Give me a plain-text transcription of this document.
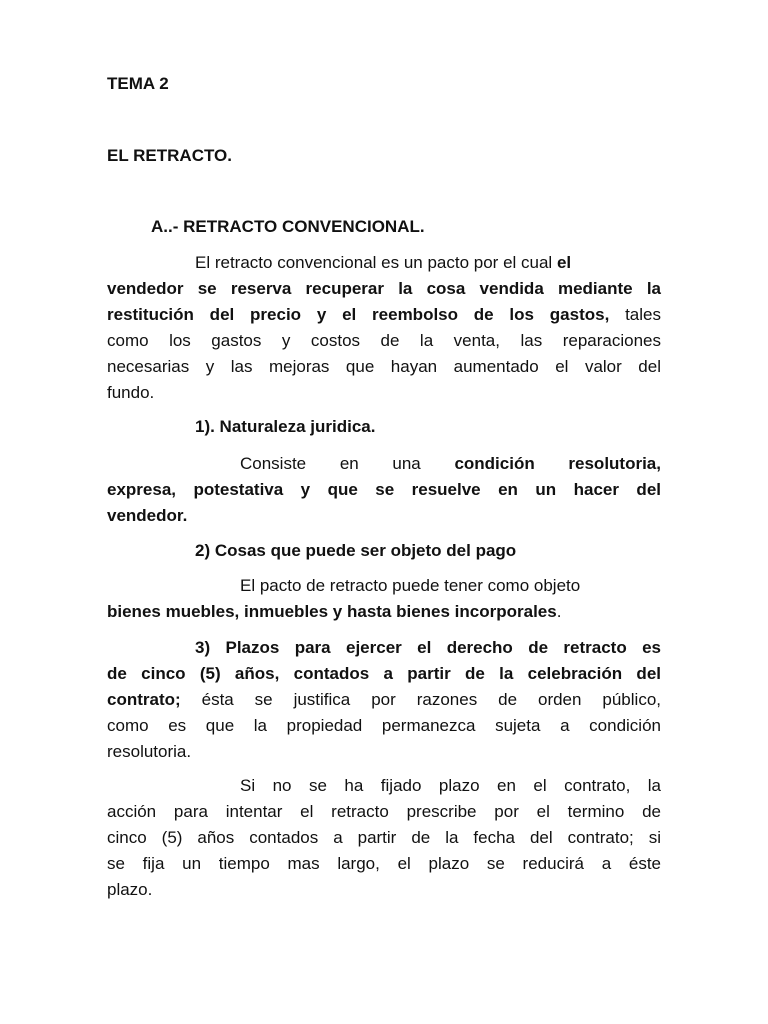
TEMA 2
EL RETRACTO.
A..- RETRACTO CONVENCIONAL.
El retracto convencional es un pacto por el cual el
vendedor se reserva recuperar la cosa vendida mediante la
restitución del precio y el reembolso de los gastos, tales
como los gastos y costos de la venta, las reparaciones
necesarias y las mejoras que hayan aumentado el valor del
fundo.
1). Naturaleza juridica.
Consiste en una condición resolutoria,
expresa, potestativa y que se resuelve en un hacer del
vendedor.
2) Cosas que puede ser objeto del pago
El pacto de retracto puede tener como objeto
bienes muebles, inmuebles y hasta bienes incorporales.
3) Plazos para ejercer el derecho de retracto es
de cinco (5) años, contados a partir de la celebración del
contrato; ésta se justifica por razones de orden público,
como es que la propiedad permanezca sujeta a condición
resolutoria.
Si no se ha fijado plazo en el contrato, la
acción para intentar el retracto prescribe por el termino de
cinco (5) años contados a partir de la fecha del contrato; si
se fija un tiempo mas largo, el plazo se reducirá a éste
plazo.
